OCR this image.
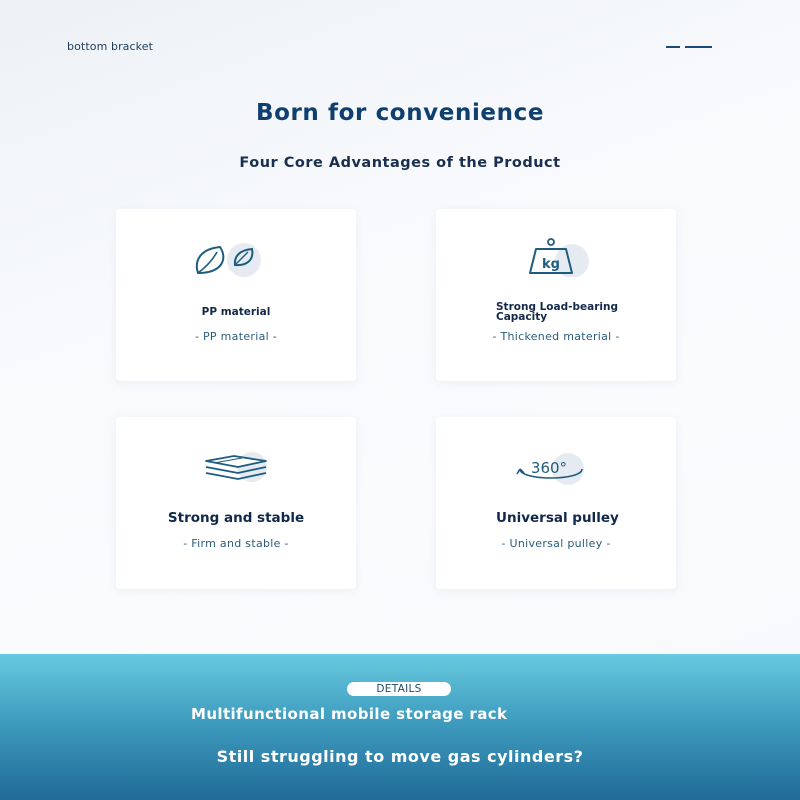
bottom bracket
Born for convenience
Four Core Advantages of the Product
PP material
- PP material -
kg
Strong Load-bearing Capacity
- Thickened material -
Strong and stable
- Firm and stable -
360°
Universal pulley
- Universal pulley -
DETAILS
Multifunctional mobile storage rack
Still struggling to move gas cylinders?
